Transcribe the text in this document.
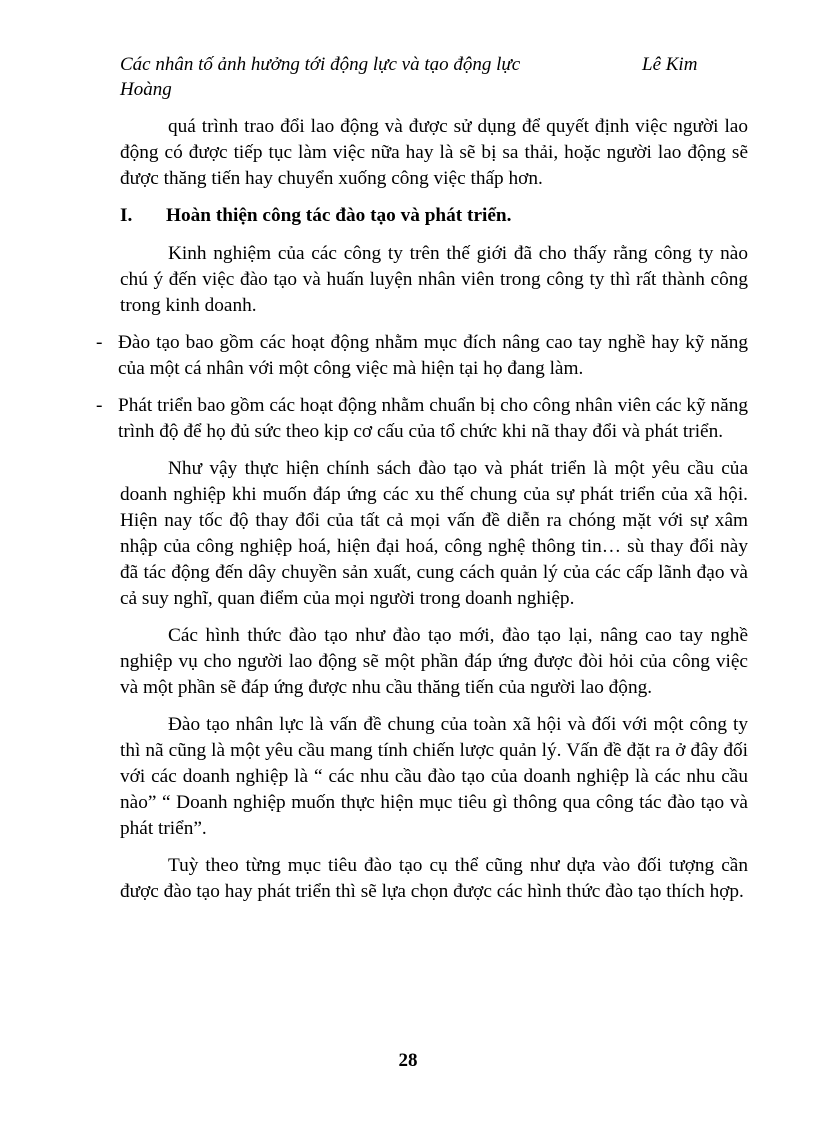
Các nhân tố ảnh hưởng tới động lực và tạo động lực	Lê Kim
Hoàng

quá trình trao đổi lao động và được sử dụng để quyết định việc người lao động có được tiếp tục làm việc nữa hay là sẽ bị sa thải, hoặc người lao động sẽ được thăng tiến hay chuyển xuống công việc thấp hơn.

I.	Hoàn thiện công tác đào tạo và phát triển.

Kinh nghiệm của các công ty trên thế giới đã cho thấy rằng công ty nào chú ý đến việc đào tạo và huấn luyện nhân viên trong công ty thì rất thành công trong kinh doanh.

- Đào tạo bao gồm các hoạt động nhằm mục đích nâng cao tay nghề hay kỹ năng của một cá nhân với một công việc mà hiện tại họ đang làm.
- Phát triển bao gồm các hoạt động nhằm chuẩn bị cho công nhân viên các kỹ năng trình độ để họ đủ sức theo kịp cơ cấu của tổ chức khi nã thay đổi và phát triển.

Như vậy thực hiện chính sách đào tạo và phát triển là một yêu cầu của doanh nghiệp khi muốn đáp ứng các xu thế chung của sự phát triển của xã hội. Hiện nay tốc độ thay đổi của tất cả mọi vấn đề diễn ra chóng mặt với sự xâm nhập của công nghiệp hoá, hiện đại hoá, công nghệ thông tin… sù thay đổi này đã tác động đến dây chuyền sản xuất, cung cách quản lý của các cấp lãnh đạo và cả suy nghĩ, quan điểm của mọi người trong doanh nghiệp.

Các hình thức đào tạo như đào tạo mới, đào tạo lại, nâng cao tay nghề nghiệp vụ cho người lao động sẽ một phần đáp ứng được đòi hỏi của công việc và một phần sẽ đáp ứng được nhu cầu thăng tiến của người lao động.

Đào tạo nhân lực là vấn đề chung của toàn xã hội và đối với một công ty thì nã cũng là một yêu cầu mang tính chiến lược quản lý. Vấn đề đặt ra ở đây đối với các doanh nghiệp là “ các nhu cầu đào tạo của doanh nghiệp là các nhu cầu nào” “ Doanh nghiệp muốn thực hiện mục tiêu gì thông qua công tác đào tạo và phát triển”.

Tuỳ theo từng mục tiêu đào tạo cụ thể cũng như dựa vào đối tượng cần được đào tạo hay phát triển thì sẽ lựa chọn được các hình thức đào tạo thích hợp.

28
